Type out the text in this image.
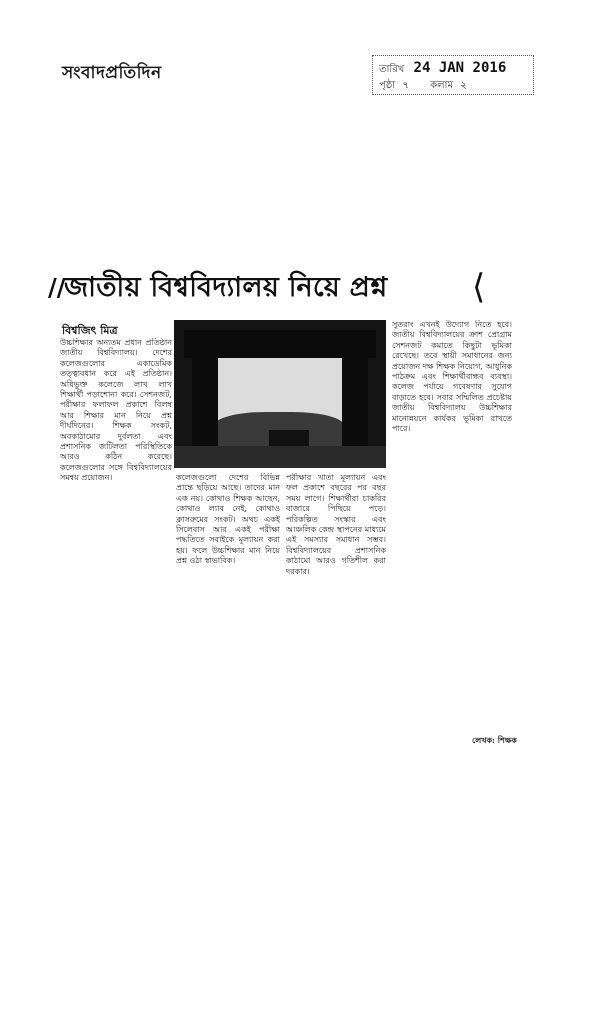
সংবাদপ্রতিদিন	তারিখ 24 JAN 2016
পৃষ্ঠা ৭ কলাম ২
//
জাতীয় বিশ্ববিদ্যালয় নিয়ে প্রশ্ন ⟨
বিশ্বজিৎ মিত্র
উচ্চশিক্ষার অন্যতম প্রধান প্রতিষ্ঠান জাতীয় বিশ্ববিদ্যালয়। দেশের কলেজগুলোর একাডেমিক তত্ত্বাবধান করে এই প্রতিষ্ঠান। অধিভুক্ত কলেজে লাখ লাখ শিক্ষার্থী পড়াশোনা করে। সেশনজট, পরীক্ষার ফলাফল প্রকাশে বিলম্ব আর শিক্ষার মান নিয়ে প্রশ্ন দীর্ঘদিনের। শিক্ষক সংকট, অবকাঠামোর দুর্বলতা এবং প্রশাসনিক জটিলতা পরিস্থিতিকে আরও কঠিন করেছে। কলেজগুলোর সঙ্গে বিশ্ববিদ্যালয়ের সমন্বয় প্রয়োজন।	কলেজগুলো দেশের বিভিন্ন প্রান্তে ছড়িয়ে আছে। তাদের মান এক নয়। কোথাও শিক্ষক আছেন, কোথাও ল্যাব নেই, কোথাও ক্লাসরুমের সংকট। অথচ একই সিলেবাস আর একই পরীক্ষা পদ্ধতিতে সবাইকে মূল্যায়ন করা হয়। ফলে উচ্চশিক্ষার মান নিয়ে প্রশ্ন ওঠা স্বাভাবিক।
পরীক্ষার খাতা মূল্যায়ন এবং ফল প্রকাশে বছরের পর বছর সময় লাগে। শিক্ষার্থীরা চাকরির বাজারে পিছিয়ে পড়ে। পরিকল্পিত সংস্কার এবং আঞ্চলিক কেন্দ্র স্থাপনের মাধ্যমে এই সমস্যার সমাধান সম্ভব। বিশ্ববিদ্যালয়ের প্রশাসনিক কাঠামো আরও গতিশীল করা দরকার।
সুতরাং এখনই উদ্যোগ নিতে হবে। জাতীয় বিশ্ববিদ্যালয়ের ক্রাশ প্রোগ্রাম সেশনজট কমাতে কিছুটা ভূমিকা রেখেছে। তবে স্থায়ী সমাধানের জন্য প্রয়োজন দক্ষ শিক্ষক নিয়োগ, আধুনিক পাঠক্রম এবং শিক্ষার্থীবান্ধব ব্যবস্থা। কলেজ পর্যায়ে গবেষণার সুযোগ বাড়াতে হবে। সবার সম্মিলিত প্রচেষ্টায় জাতীয় বিশ্ববিদ্যালয় উচ্চশিক্ষার মানোন্নয়নে কার্যকর ভূমিকা রাখতে পারে।
লেখক: শিক্ষক
